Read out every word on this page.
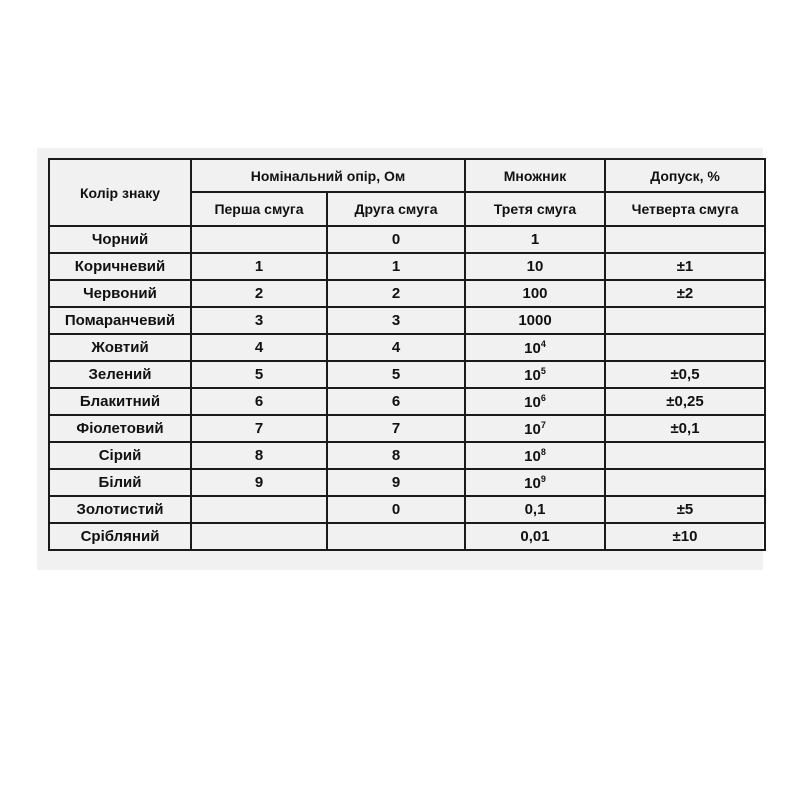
Колір знаку	Номінальний опір, Ом		Множник	Допуск, %
	Перша смуга	Друга смуга	Третя смуга	Четверта смуга
Чорний		0	1	
Коричневий	1	1	10	±1
Червоний	2	2	100	±2
Помаранчевий	3	3	1000	
Жовтий	4	4	$10^4$	
Зелений	5	5	$10^5$	±0,5
Блакитний	6	6	$10^6$	±0,25
Фіолетовий	7	7	$10^7$	±0,1
Сірий	8	8	$10^8$	
Білий	9	9	$10^9$	
Золотистий		0	0,1	±5
Срібляний			0,01	±10
